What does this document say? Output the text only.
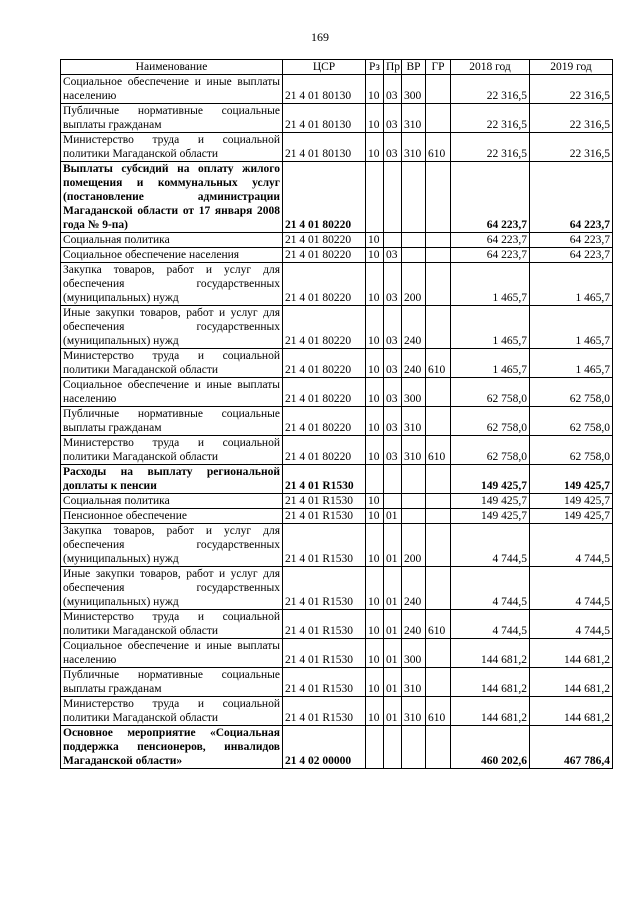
169
Наименование	ЦСР	Рз	Пр	ВР	ГР	2018 год	2019 год
Социальное обеспечение и иные выплаты населению	21 4 01 80130	10	03	300		22 316,5	22 316,5
Публичные нормативные социальные выплаты гражданам	21 4 01 80130	10	03	310		22 316,5	22 316,5
Министерство труда и социальной политики Магаданской области	21 4 01 80130	10	03	310	610	22 316,5	22 316,5
Выплаты субсидий на оплату жилого помещения и коммунальных услуг (постановление администрации Магаданской области от 17 января 2008 года № 9-па)	21 4 01 80220					64 223,7	64 223,7
Социальная политика	21 4 01 80220	10				64 223,7	64 223,7
Социальное обеспечение населения	21 4 01 80220	10	03			64 223,7	64 223,7
Закупка товаров, работ и услуг для обеспечения государственных (муниципальных) нужд	21 4 01 80220	10	03	200		1 465,7	1 465,7
Иные закупки товаров, работ и услуг для обеспечения государственных (муниципальных) нужд	21 4 01 80220	10	03	240		1 465,7	1 465,7
Министерство труда и социальной политики Магаданской области	21 4 01 80220	10	03	240	610	1 465,7	1 465,7
Социальное обеспечение и иные выплаты населению	21 4 01 80220	10	03	300		62 758,0	62 758,0
Публичные нормативные социальные выплаты гражданам	21 4 01 80220	10	03	310		62 758,0	62 758,0
Министерство труда и социальной политики Магаданской области	21 4 01 80220	10	03	310	610	62 758,0	62 758,0
Расходы на выплату региональной доплаты к пенсии	21 4 01 R1530					149 425,7	149 425,7
Социальная политика	21 4 01 R1530	10				149 425,7	149 425,7
Пенсионное обеспечение	21 4 01 R1530	10	01			149 425,7	149 425,7
Закупка товаров, работ и услуг для обеспечения государственных (муниципальных) нужд	21 4 01 R1530	10	01	200		4 744,5	4 744,5
Иные закупки товаров, работ и услуг для обеспечения государственных (муниципальных) нужд	21 4 01 R1530	10	01	240		4 744,5	4 744,5
Министерство труда и социальной политики Магаданской области	21 4 01 R1530	10	01	240	610	4 744,5	4 744,5
Социальное обеспечение и иные выплаты населению	21 4 01 R1530	10	01	300		144 681,2	144 681,2
Публичные нормативные социальные выплаты гражданам	21 4 01 R1530	10	01	310		144 681,2	144 681,2
Министерство труда и социальной политики Магаданской области	21 4 01 R1530	10	01	310	610	144 681,2	144 681,2
Основное мероприятие «Социальная поддержка пенсионеров, инвалидов Магаданской области»	21 4 02 00000					460 202,6	467 786,4
